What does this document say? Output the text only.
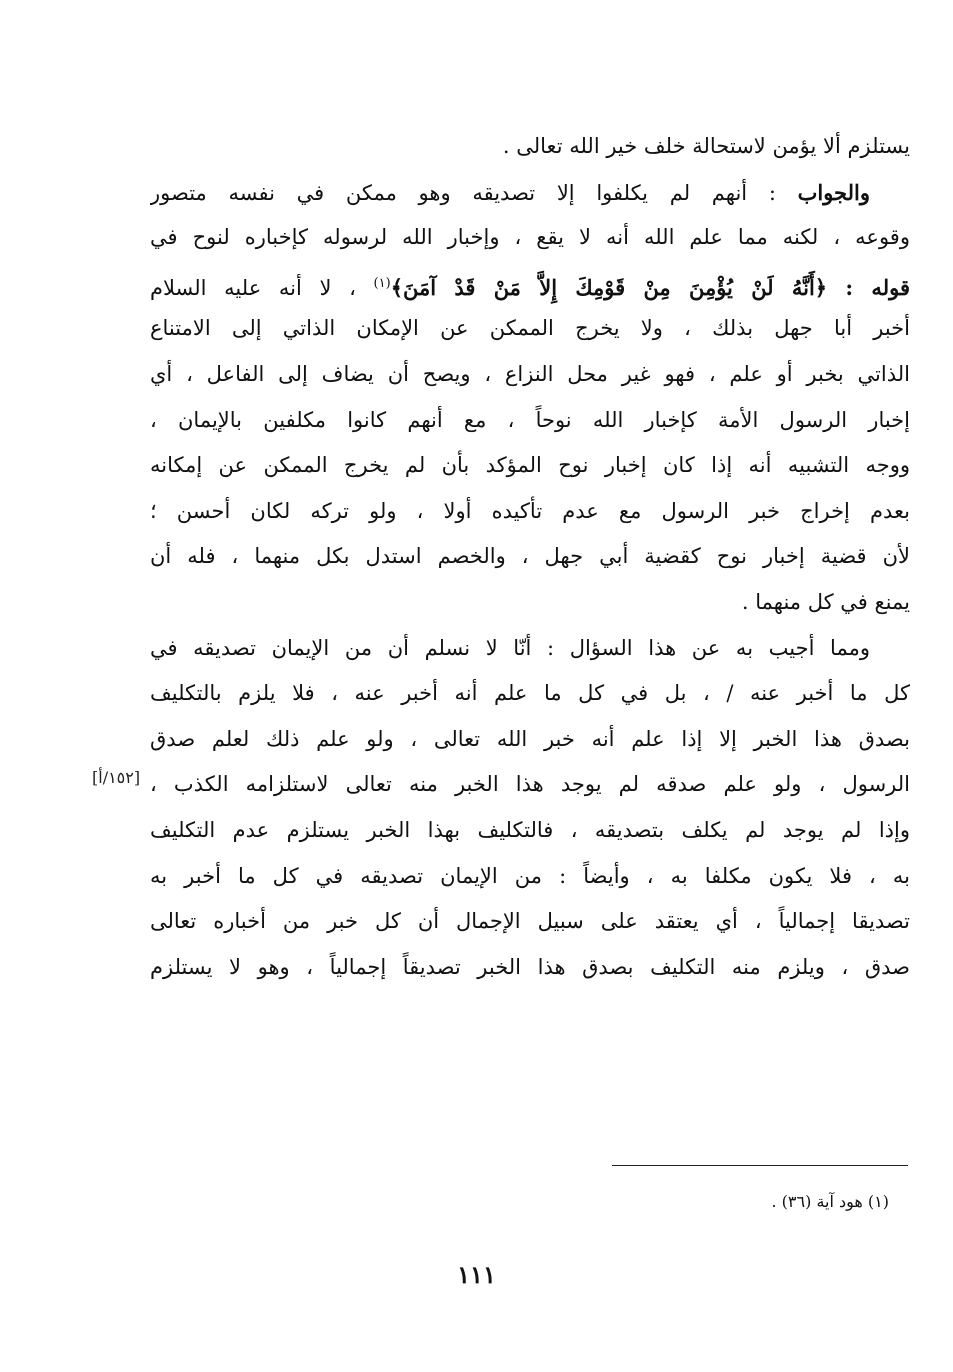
يستلزم ألا يؤمن لاستحالة خلف خير الله تعالى .
والجواب : أنهم لم يكلفوا إلا تصديقه وهو ممكن في نفسه متصور
وقوعه ، لكنه مما علم الله أنه لا يقع ، وإخبار الله لرسوله كإخباره لنوح في
قوله : ﴿أَنَّهُ لَنْ يُؤْمِنَ مِنْ قَوْمِكَ إِلاَّ مَنْ قَدْ آمَنَ﴾$^{(١)}$ ، لا أنه عليه السلام
أخبر أبا جهل بذلك ، ولا يخرج الممكن عن الإمكان الذاتي إلى الامتناع
الذاتي بخبر أو علم ، فهو غير محل النزاع ، ويصح أن يضاف إلى الفاعل ، أي
إخبار الرسول الأمة كإخبار الله نوحاً ، مع أنهم كانوا مكلفين بالإيمان ،
ووجه التشبيه أنه إذا كان إخبار نوح المؤكد بأن لم يخرج الممكن عن إمكانه
بعدم إخراج خبر الرسول مع عدم تأكيده أولا ، ولو تركه لكان أحسن ؛
لأن قضية إخبار نوح كقضية أبي جهل ، والخصم استدل بكل منهما ، فله أن
يمنع في كل منهما .
ومما أجيب به عن هذا السؤال : أنّا لا نسلم أن من الإيمان تصديقه في
كل ما أخبر عنه / ، بل في كل ما علم أنه أخبر عنه ، فلا يلزم بالتكليف
بصدق هذا الخبر إلا إذا علم أنه خبر الله تعالى ، ولو علم ذلك لعلم صدق
الرسول ، ولو علم صدقه لم يوجد هذا الخبر منه تعالى لاستلزامه الكذب ،
وإذا لم يوجد لم يكلف بتصديقه ، فالتكليف بهذا الخبر يستلزم عدم التكليف
به ، فلا يكون مكلفا به ، وأيضاً : من الإيمان تصديقه في كل ما أخبر به
تصديقا إجمالياً ، أي يعتقد على سبيل الإجمال أن كل خبر من أخباره تعالى
صدق ، ويلزم منه التكليف بصدق هذا الخبر تصديقاً إجمالياً ، وهو لا يستلزم
[١٥٢/أ]
(١) هود آية (٣٦) .
١١١
